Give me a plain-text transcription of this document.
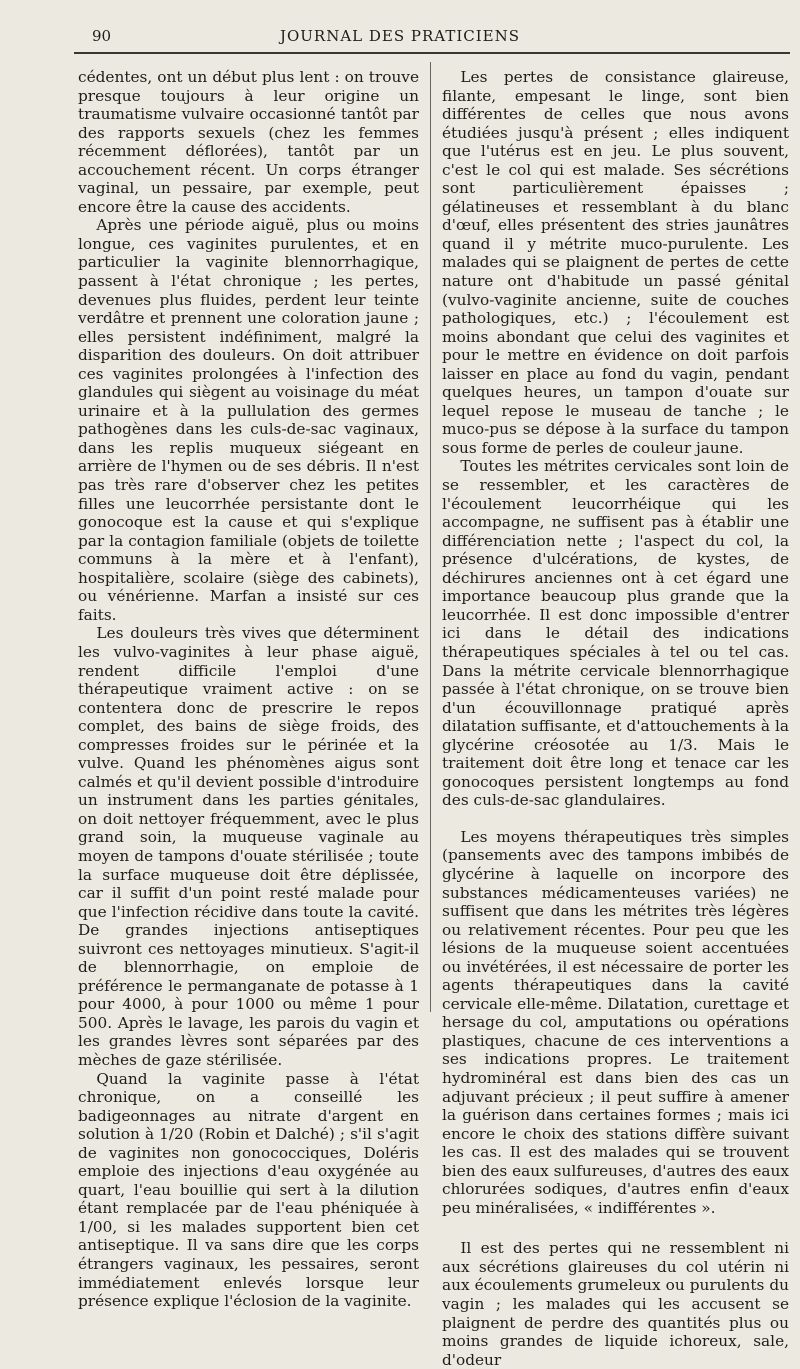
90	JOURNAL DES PRATICIENS

cédentes, ont un début plus lent : on trouve presque toujours à leur origine un traumatisme vulvaire occasionné tantôt par des rapports sexuels (chez les femmes récemment déflorées), tantôt par un accouchement récent. Un corps étranger vaginal, un pessaire, par exemple, peut encore être la cause des accidents.

Après une période aiguë, plus ou moins longue, ces vaginites purulentes, et en particulier la vaginite blennorrhagique, passent à l'état chronique ; les pertes, devenues plus fluides, perdent leur teinte verdâtre et prennent une coloration jaune ; elles persistent indéfiniment, malgré la disparition des douleurs. On doit attribuer ces vaginites prolongées à l'infection des glandules qui siègent au voisinage du méat urinaire et à la pullulation des germes pathogènes dans les culs-de-sac vaginaux, dans les replis muqueux siégeant en arrière de l'hymen ou de ses débris. Il n'est pas très rare d'observer chez les petites filles une leucorrhée persistante dont le gonocoque est la cause et qui s'explique par la contagion familiale (objets de toilette communs à la mère et à l'enfant), hospitalière, scolaire (siège des cabinets), ou vénérienne. Marfan a insisté sur ces faits.

Les douleurs très vives que déterminent les vulvo-vaginites à leur phase aiguë, rendent difficile l'emploi d'une thérapeutique vraiment active : on se contentera donc de prescrire le repos complet, des bains de siège froids, des compresses froides sur le périnée et la vulve. Quand les phénomènes aigus sont calmés et qu'il devient possible d'introduire un instrument dans les parties génitales, on doit nettoyer fréquemment, avec le plus grand soin, la muqueuse vaginale au moyen de tampons d'ouate stérilisée ; toute la surface muqueuse doit être déplissée, car il suffit d'un point resté malade pour que l'infection récidive dans toute la cavité. De grandes injections antiseptiques suivront ces nettoyages minutieux. S'agit-il de blennorrhagie, on emploie de préférence le permanganate de potasse à 1 pour 4000, à pour 1000 ou même 1 pour 500. Après le lavage, les parois du vagin et les grandes lèvres sont séparées par des mèches de gaze stérilisée.

Quand la vaginite passe à l'état chronique, on a conseillé les badigeonnages au nitrate d'argent en solution à 1/20 (Robin et Dalché) ; s'il s'agit de vaginites non gonococciques, Doléris emploie des injections d'eau oxygénée au quart, l'eau bouillie qui sert à la dilution étant remplacée par de l'eau phéniquée à 1/00, si les malades supportent bien cet antiseptique. Il va sans dire que les corps étrangers vaginaux, les pessaires, seront immédiatement enlevés lorsque leur présence explique l'éclosion de la vaginite.

Les pertes de consistance glaireuse, filante, empesant le linge, sont bien différentes de celles que nous avons étudiées jusqu'à présent ; elles indiquent que l'utérus est en jeu. Le plus souvent, c'est le col qui est malade. Ses sécrétions sont particulièrement épaisses ; gélatineuses et ressemblant à du blanc d'œuf, elles présentent des stries jaunâtres quand il y métrite muco-purulente. Les malades qui se plaignent de pertes de cette nature ont d'habitude un passé génital (vulvo-vaginite ancienne, suite de couches pathologiques, etc.) ; l'écoulement est moins abondant que celui des vaginites et pour le mettre en évidence on doit parfois laisser en place au fond du vagin, pendant quelques heures, un tampon d'ouate sur lequel repose le museau de tanche ; le muco-pus se dépose à la surface du tampon sous forme de perles de couleur jaune.

Toutes les métrites cervicales sont loin de se ressembler, et les caractères de l'écoulement leucorrhéique qui les accompagne, ne suffisent pas à établir une différenciation nette ; l'aspect du col, la présence d'ulcérations, de kystes, de déchirures anciennes ont à cet égard une importance beaucoup plus grande que la leucorrhée. Il est donc impossible d'entrer ici dans le détail des indications thérapeutiques spéciales à tel ou tel cas. Dans la métrite cervicale blennorrhagique passée à l'état chronique, on se trouve bien d'un écouvillonnage pratiqué après dilatation suffisante, et d'attouchements à la glycérine créosotée au 1/3. Mais le traitement doit être long et tenace car les gonocoques persistent longtemps au fond des culs-de-sac glandulaires.

Les moyens thérapeutiques très simples (pansements avec des tampons imbibés de glycérine à laquelle on incorpore des substances médicamenteuses variées) ne suffisent que dans les métrites très légères ou relativement récentes. Pour peu que les lésions de la muqueuse soient accentuées ou invétérées, il est nécessaire de porter les agents thérapeutiques dans la cavité cervicale elle-même. Dilatation, curettage et hersage du col, amputations ou opérations plastiques, chacune de ces interventions a ses indications propres. Le traitement hydrominéral est dans bien des cas un adjuvant précieux ; il peut suffire à amener la guérison dans certaines formes ; mais ici encore le choix des stations diffère suivant les cas. Il est des malades qui se trouvent bien des eaux sulfureuses, d'autres des eaux chlorurées sodiques, d'autres enfin d'eaux peu minéralisées, « indifférentes ».

Il est des pertes qui ne ressemblent ni aux sécrétions glaireuses du col utérin ni aux écoulements grumeleux ou purulents du vagin ; les malades qui les accusent se plaignent de perdre des quantités plus ou moins grandes de liquide ichoreux, sale, d'odeur
